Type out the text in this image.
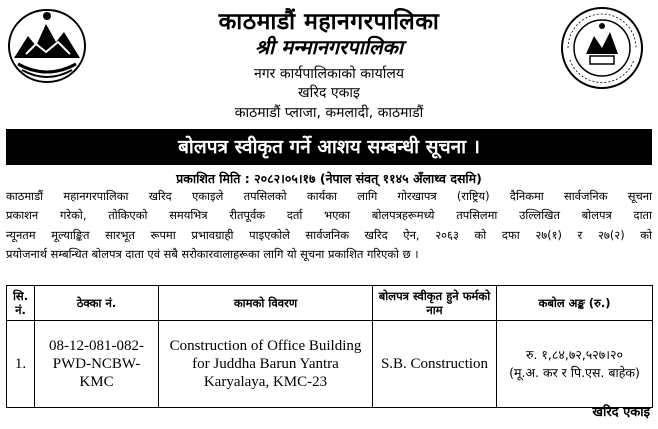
काठमाडौं महानगरपालिका
श्री मन्मानगरपालिका
नगर कार्यपालिकाको कार्यालय
खरिद एकाइ
काठमाडौं प्लाजा, कमलादी, काठमाडौं
बोलपत्र स्वीकृत गर्ने आशय सम्बन्धी सूचना ।
प्रकाशित मिति : २०८२।०५।१७ (नेपाल संवत् ११४५ अँलाथ्व दसमि)
काठमाडौं महानगरपालिका खरिद एकाइले तपसिलको कार्यका लागि गोरखापत्र (राष्ट्रिय) दैनिकमा सार्वजनिक सूचना
प्रकाशन गरेको, तोकिएको समयभित्र रीतपूर्वक दर्ता भएका बोलपत्रहरूमध्ये तपसिलमा उल्लिखित बोलपत्र दाता
न्यूनतम मूल्याङ्कित सारभूत रूपमा प्रभावग्राही पाइएकोले सार्वजनिक खरिद ऐन, २०६३ को दफा २७(१) र २७(२) को
प्रयोजनार्थ सम्बन्धित बोलपत्र दाता एवं सबै सरोकारवालाहरूका लागि यो सूचना प्रकाशित गरिएको छ ।
सि. नं.	ठेक्का नं.	कामको विवरण	बोलपत्र स्वीकृत हुने फर्मको नाम	कबोल अङ्क (रु.)
1.	08-12-081-082-PWD-NCBW-KMC	Construction of Office Building for Juddha Barun Yantra Karyalaya, KMC-23	S.B. Construction	रु. १,८४,७२,५२७।२०
(मू.अ. कर र पि.एस. बाहेक)
खरिद एकाइ
